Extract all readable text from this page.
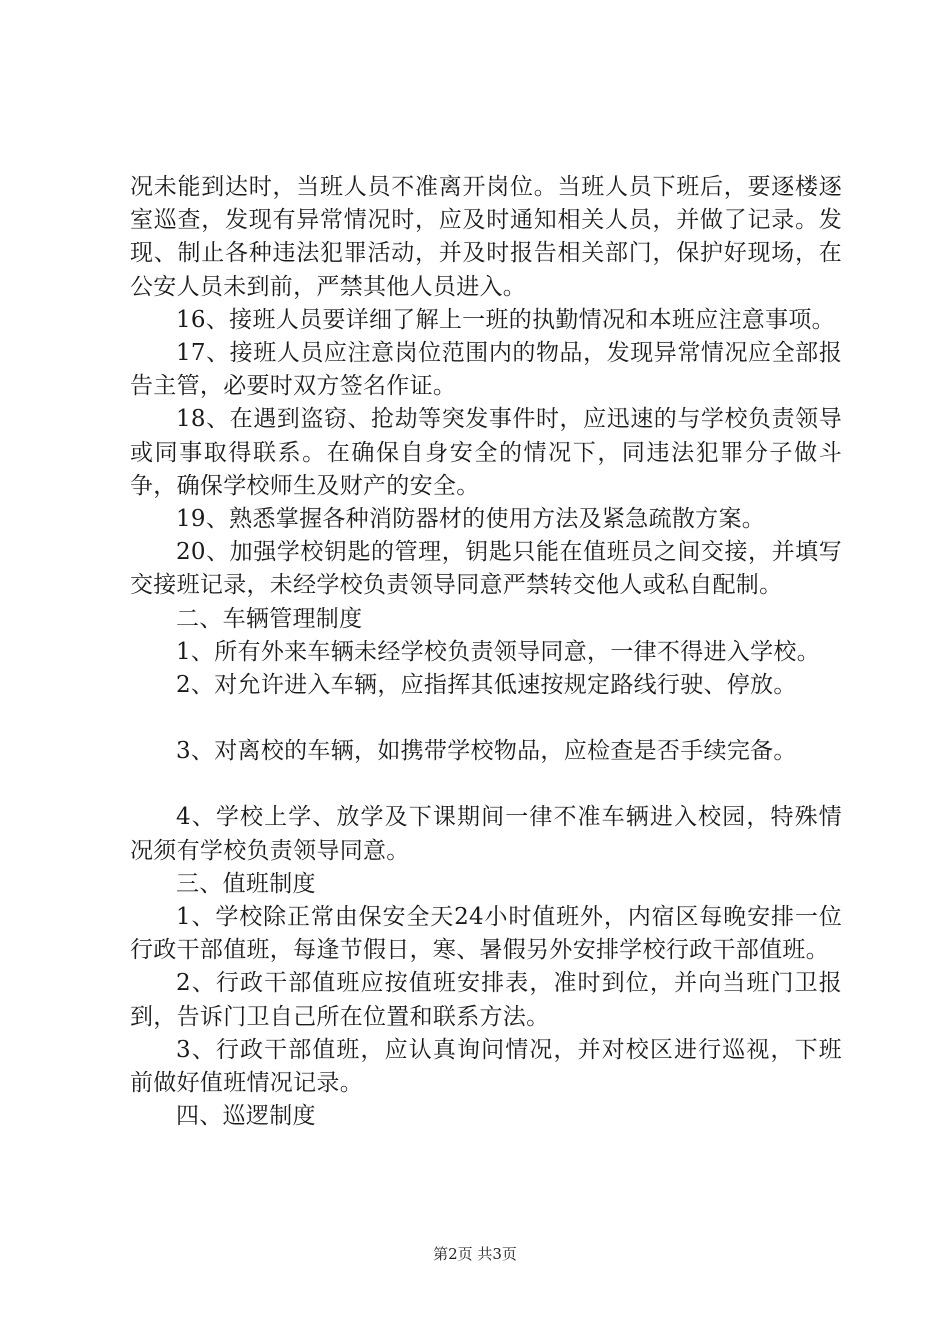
况未能到达时，当班人员不准离开岗位。当班人员下班后，要逐楼逐室巡查，发现有异常情况时，应及时通知相关人员，并做了记录。发现、制止各种违法犯罪活动，并及时报告相关部门，保护好现场，在公安人员未到前，严禁其他人员进入。

16、接班人员要详细了解上一班的执勤情况和本班应注意事项。

17、接班人员应注意岗位范围内的物品，发现异常情况应全部报告主管，必要时双方签名作证。

18、在遇到盗窃、抢劫等突发事件时，应迅速的与学校负责领导或同事取得联系。在确保自身安全的情况下，同违法犯罪分子做斗争，确保学校师生及财产的安全。

19、熟悉掌握各种消防器材的使用方法及紧急疏散方案。

20、加强学校钥匙的管理，钥匙只能在值班员之间交接，并填写交接班记录，未经学校负责领导同意严禁转交他人或私自配制。

二、车辆管理制度

1、所有外来车辆未经学校负责领导同意，一律不得进入学校。

2、对允许进入车辆，应指挥其低速按规定路线行驶、停放。

3、对离校的车辆，如携带学校物品，应检查是否手续完备。

4、学校上学、放学及下课期间一律不准车辆进入校园，特殊情况须有学校负责领导同意。

三、值班制度

1、学校除正常由保安全天24小时值班外，内宿区每晚安排一位行政干部值班，每逢节假日，寒、暑假另外安排学校行政干部值班。

2、行政干部值班应按值班安排表，准时到位，并向当班门卫报到，告诉门卫自己所在位置和联系方法。

3、行政干部值班，应认真询问情况，并对校区进行巡视，下班前做好值班情况记录。

四、巡逻制度

第2页 共3页
